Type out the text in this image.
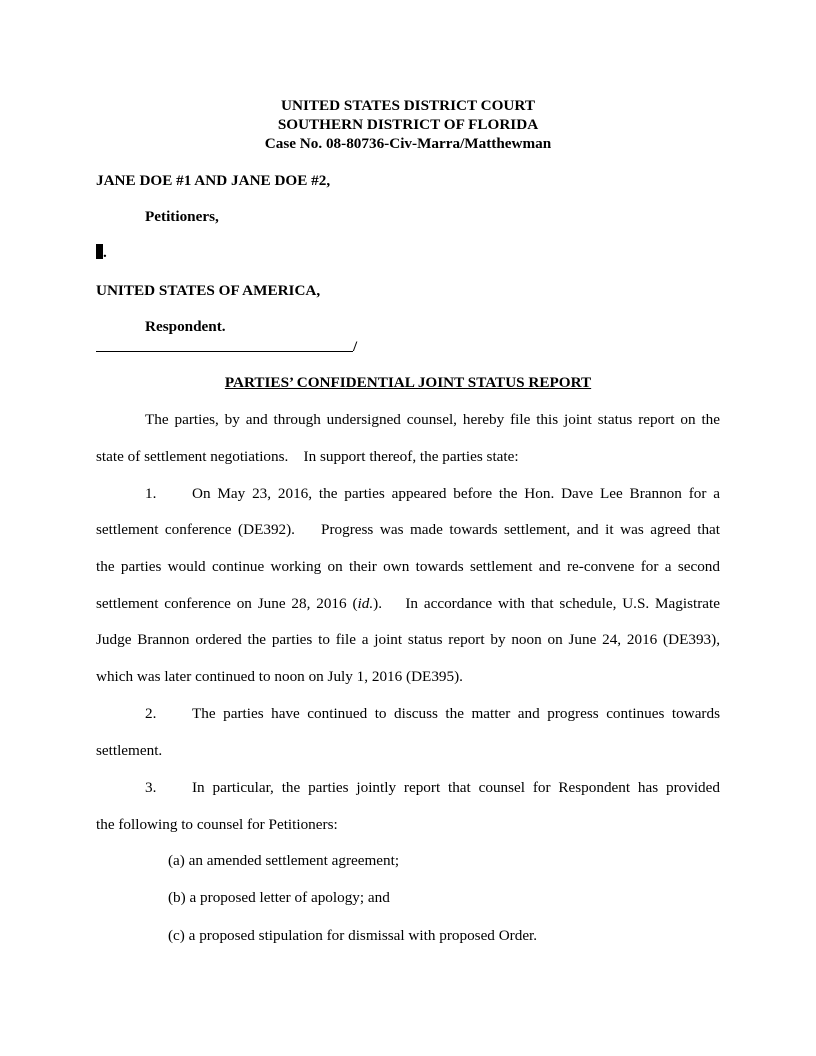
UNITED STATES DISTRICT COURT
SOUTHERN DISTRICT OF FLORIDA
Case No. 08-80736-Civ-Marra/Matthewman
JANE DOE #1 AND JANE DOE #2,
Petitioners,
.
UNITED STATES OF AMERICA,
Respondent.
/
PARTIES’ CONFIDENTIAL JOINT STATUS REPORT
The parties, by and through undersigned counsel, hereby file this joint status report on the
state of settlement negotiations.    In support thereof, the parties state:
1. On May 23, 2016, the parties appeared before the Hon. Dave Lee Brannon for a
settlement conference (DE392).    Progress was made towards settlement, and it was agreed that
the parties would continue working on their own towards settlement and re-convene for a second
settlement conference on June 28, 2016 (id.).    In accordance with that schedule, U.S. Magistrate
Judge Brannon ordered the parties to file a joint status report by noon on June 24, 2016 (DE393),
which was later continued to noon on July 1, 2016 (DE395).
2. The parties have continued to discuss the matter and progress continues towards
settlement.
3. In particular, the parties jointly report that counsel for Respondent has provided
the following to counsel for Petitioners:
(a) an amended settlement agreement;
(b) a proposed letter of apology; and
(c) a proposed stipulation for dismissal with proposed Order.
